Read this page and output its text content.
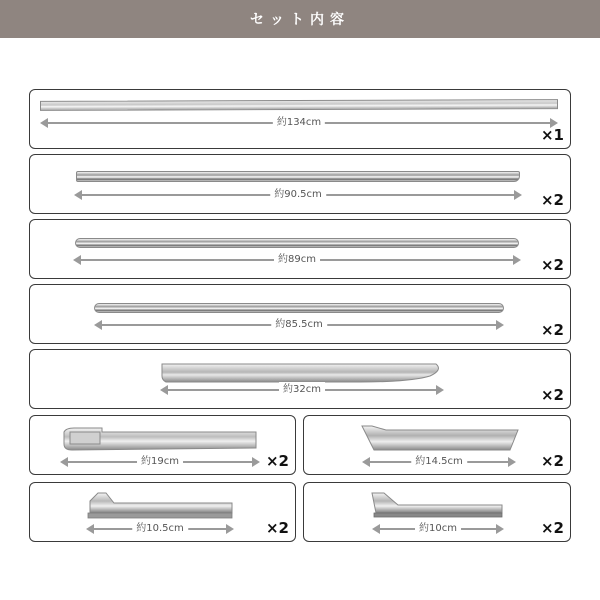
セット内容
約134cm
×1
約90.5cm	×2
約89cm	×2
約85.5cm	×2
約32cm	×2
約19cm	×2	約14.5cm	×2
約10.5cm	×2	約10cm	×2
